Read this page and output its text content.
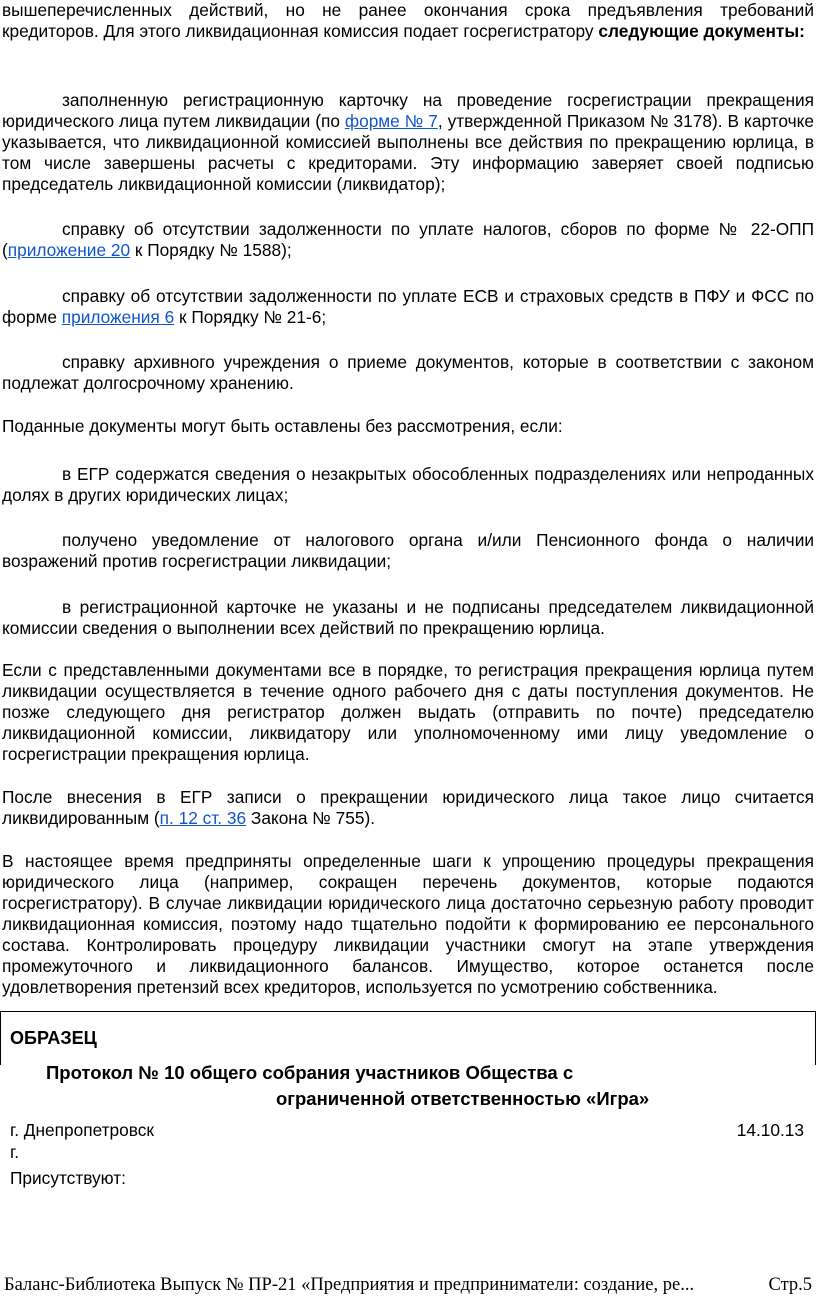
вышеперечисленных действий, но не ранее окончания срока предъявления требований кредиторов. Для этого ликвидационная комиссия подает госрегистратору следующие документы:

заполненную регистрационную карточку на проведение госрегистрации прекращения юридического лица путем ликвидации (по форме № 7, утвержденной Приказом № 3178). В карточке указывается, что ликвидационной комиссией выполнены все действия по прекращению юрлица, в том числе завершены расчеты с кредиторами. Эту информацию заверяет своей подписью председатель ликвидационной комиссии (ликвидатор);

справку об отсутствии задолженности по уплате налогов, сборов по форме № 22-ОПП (приложение 20 к Порядку № 1588);

справку об отсутствии задолженности по уплате ЕСВ и страховых средств в ПФУ и ФСС по форме приложения 6 к Порядку № 21-6;

справку архивного учреждения о приеме документов, которые в соответствии с законом подлежат долгосрочному хранению.

Поданные документы могут быть оставлены без рассмотрения, если:

в ЕГР содержатся сведения о незакрытых обособленных подразделениях или непроданных долях в других юридических лицах;

получено уведомление от налогового органа и/или Пенсионного фонда о наличии возражений против госрегистрации ликвидации;

в регистрационной карточке не указаны и не подписаны председателем ликвидационной комиссии сведения о выполнении всех действий по прекращению юрлица.

Если с представленными документами все в порядке, то регистрация прекращения юрлица путем ликвидации осуществляется в течение одного рабочего дня с даты поступления документов. Не позже следующего дня регистратор должен выдать (отправить по почте) председателю ликвидационной комиссии, ликвидатору или уполномоченному ими лицу уведомление о госрегистрации прекращения юрлица.

После внесения в ЕГР записи о прекращении юридического лица такое лицо считается ликвидированным (п. 12 ст. 36 Закона № 755).

В настоящее время предприняты определенные шаги к упрощению процедуры прекращения юридического лица (например, сокращен перечень документов, которые подаются госрегистратору). В случае ликвидации юридического лица достаточно серьезную работу проводит ликвидационная комиссия, поэтому надо тщательно подойти к формированию ее персонального состава. Контролировать процедуру ликвидации участники смогут на этапе утверждения промежуточного и ликвидационного балансов. Имущество, которое останется после удовлетворения претензий всех кредиторов, используется по усмотрению собственника.

ОБРАЗЕЦ
Протокол № 10 общего собрания участников Общества с
ограниченной ответственностью «Игра»
г. Днепропетровск
г.
14.10.13
Присутствуют:
Баланс-Библиотека Выпуск № ПР-21 «Предприятия и предприниматели: создание, ре...	Стр.5
